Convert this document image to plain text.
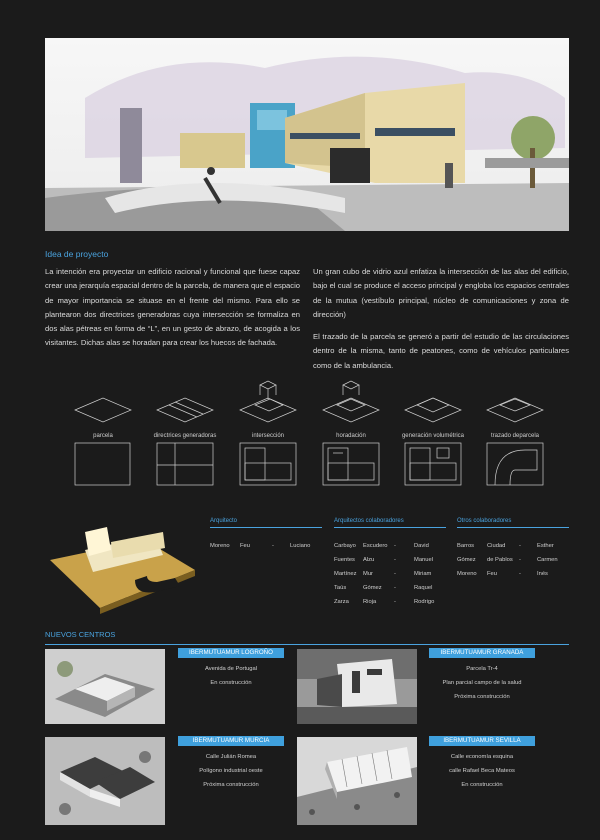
Idea de proyecto

La intención era proyectar un edificio racional y funcional que fuese capaz crear una jerarquía espacial dentro de la parcela, de manera que el espacio de mayor importancia se situase en el frente del mismo. Para ello se plantearon dos directrices generadoras cuya intersección se formaliza en dos alas pétreas en forma de “L”, en un gesto de abrazo, de acogida a los visitantes. Dichas alas se horadan para crear los huecos de fachada.

Un gran cubo de vidrio azul enfatiza la intersección de las alas del edificio, bajo el cual se produce el acceso principal y engloba los espacios centrales de la mutua (vestíbulo principal, núcleo de comunicaciones y zona de dirección)

El trazado de la parcela se generó a partir del estudio de las circulaciones dentro de la misma, tanto de peatones, como de vehículos particulares como de la ambulancia.

parcela	directrices generadoras	intersección	horadación	generación volumétrica	trazado deparcela
Arquitecto
Moreno	Feu	-	Luciano
Arquitectos colaboradores
Carbayo	Escudero	-	David
Fuentes	Alzu	-	Manuel
Martínez	Mur	-	Miriam
Taús	Gómez	-	Raquel
Zarza	Rioja	-	Rodrigo
Otros colaboradores
Barros	Ciudad	-	Esther
Gómez	de Pablos	-	Carmen
Moreno	Feu	-	Inés
NUEVOS CENTROS
IBERMUTUAMUR LOGROÑO
Avenida de Portugal
En construcción
IBERMUTUAMUR GRANADA
Parcela Tr-4
Plan parcial campo de la salud
Próxima construcción
IBERMUTUAMUR MURCIA
Calle Julián Romea
Polígono industrial oeste
Próxima construcción
IBERMUTUAMUR SEVILLA
Calle economía esquina
calle Rafael Beca Mateos
En construcción
